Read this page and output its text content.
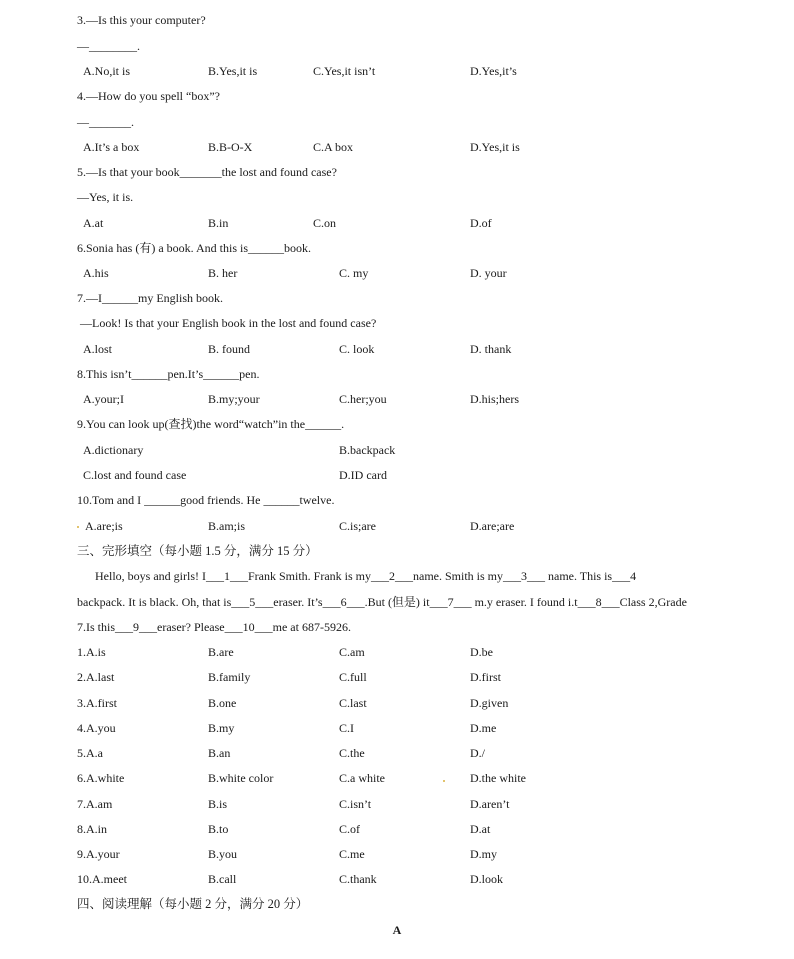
3.—Is this your computer?
—________.
A.No,it is	B.Yes,it is	C.Yes,it isn’t	D.Yes,it’s
4.—How do you spell “box”?
—_______.
A.It’s a box	B.B-O-X	C.A box	D.Yes,it is
5.—Is that your book_______the lost and found case?
—Yes, it is.
A.at	B.in	C.on	D.of
6.Sonia has (有) a book. And this is______book.
A.his	B. her	C. my	D. your
7.—I______my English book.
—Look! Is that your English book in the lost and found case?
A.lost	B. found	C. look	D. thank
8.This isn’t______pen.It’s______pen.
A.your;I	B.my;your	C.her;you	D.his;hers
9.You can look up(查找)the word“watch”in the______.
A.dictionary	B.backpack
C.lost and found case	D.ID card
10.Tom and I ______good friends. He ______twelve.
A.are;is	B.am;is	C.is;are	D.are;are
三、完形填空（每小题 1.5 分，满分 15 分）
Hello, boys and girls! I___1___Frank Smith. Frank is my___2___name. Smith is my___3___ name. This is___4
backpack. It is black. Oh, that is___5___eraser. It’s___6___.But (但是) it___7___ m.y eraser. I found i.t___8___Class 2,Grade
7.Is this___9___eraser? Please___10___me at 687-5926.
1.A.is	B.are	C.am	D.be
2.A.last	B.family	C.full	D.first
3.A.first	B.one	C.last	D.given
4.A.you	B.my	C.I	D.me
5.A.a	B.an	C.the	D./
6.A.white	B.white color	C.a white	D.the white
7.A.am	B.is	C.isn’t	D.aren’t
8.A.in	B.to	C.of	D.at
9.A.your	B.you	C.me	D.my
10.A.meet	B.call	C.thank	D.look
四、阅读理解（每小题 2 分，满分 20 分）
A
